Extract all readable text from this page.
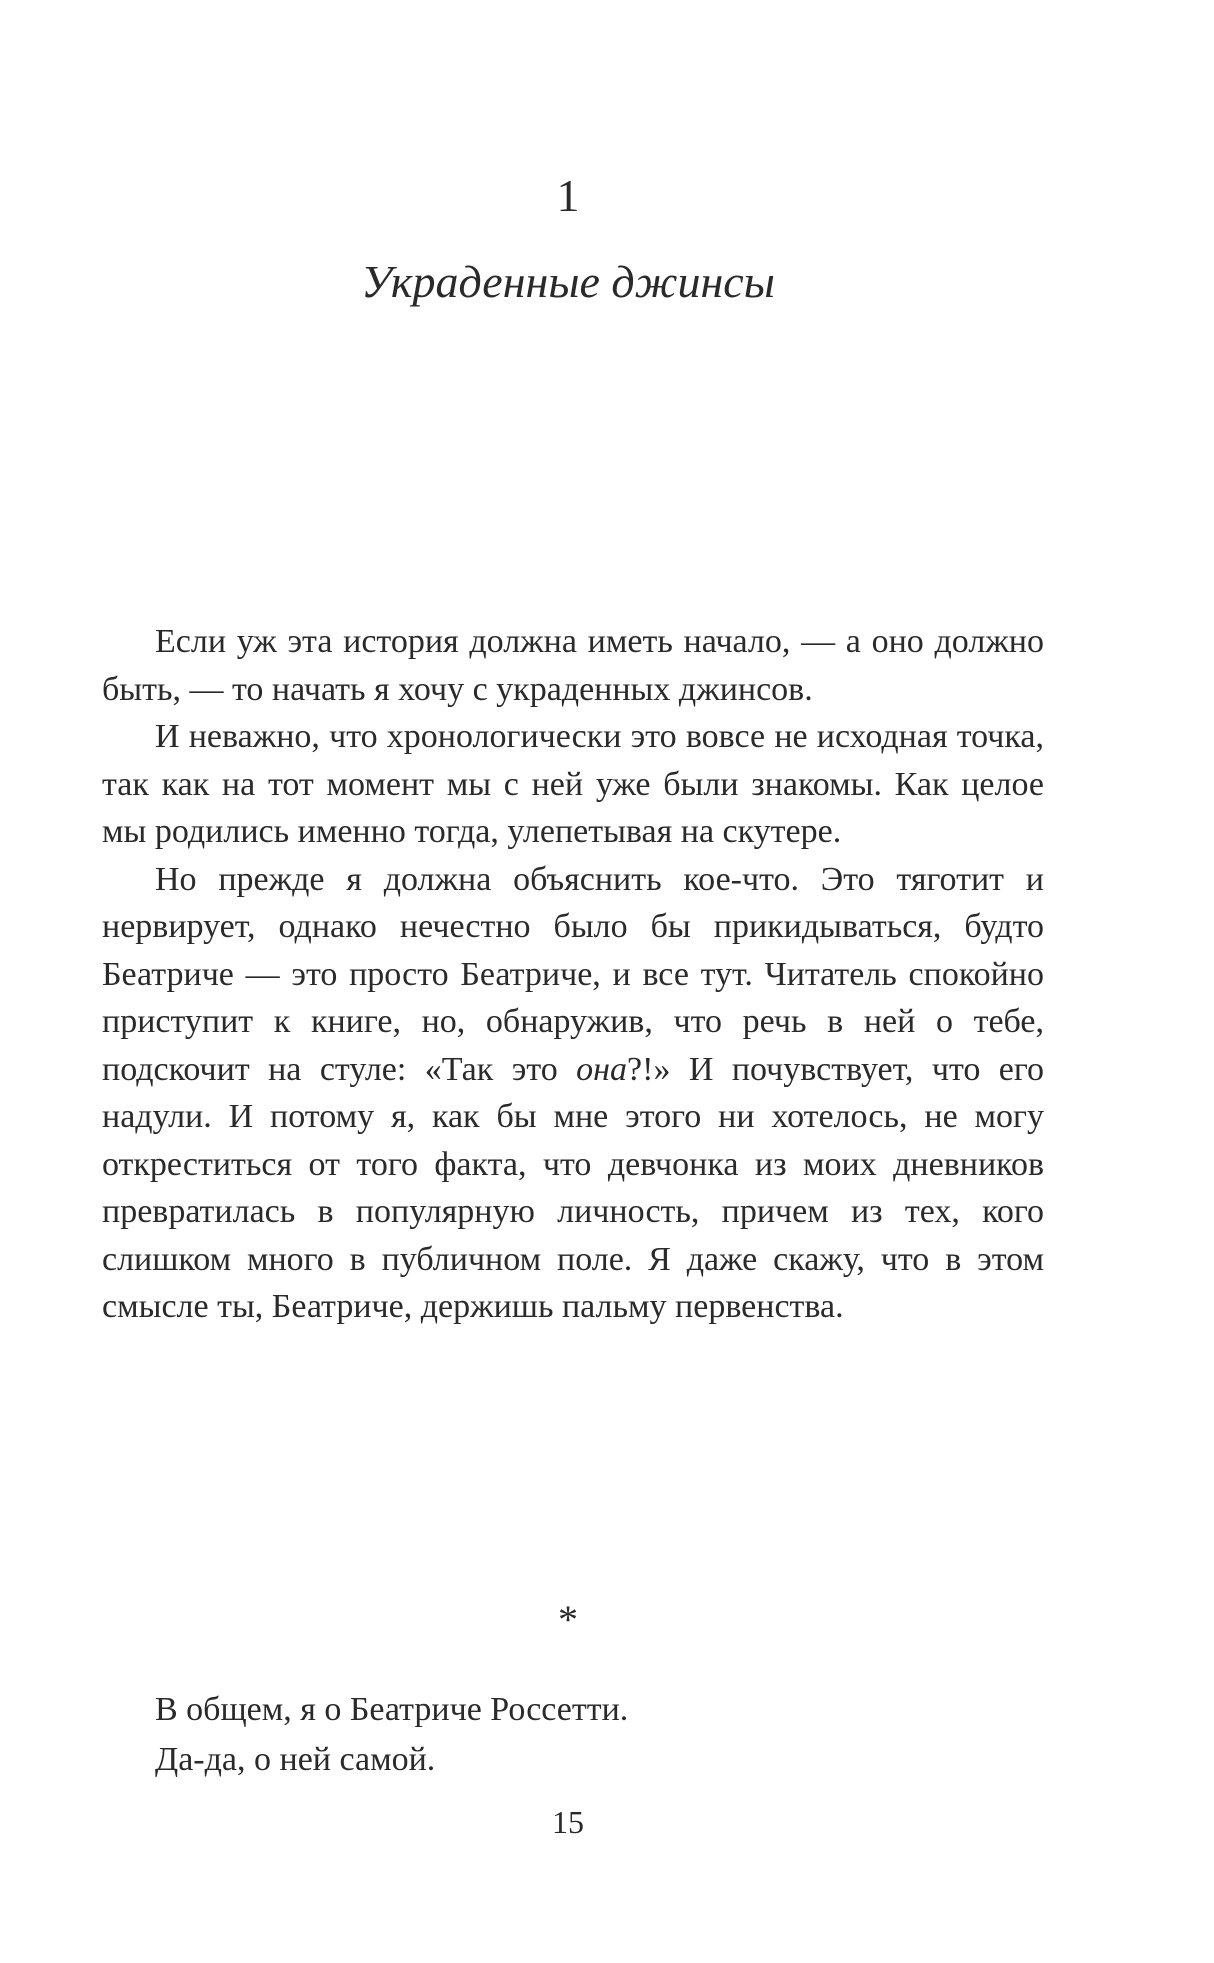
1
Украденные джинсы

Если уж эта история должна иметь начало, — а оно должно быть, — то начать я хочу с украденных джинсов.

И неважно, что хронологически это вовсе не исходная точка, так как на тот момент мы с ней уже были знакомы. Как целое мы родились именно тогда, улепетывая на скутере.

Но прежде я должна объяснить кое-что. Это тяготит и нервирует, однако нечестно было бы прикидываться, будто Беатриче — это просто Беатриче, и все тут. Читатель спокойно приступит к книге, но, обнаружив, что речь в ней о тебе, подскочит на стуле: «Так это она?!» И почувствует, что его надули. И потому я, как бы мне этого ни хотелось, не могу откреститься от того факта, что девчонка из моих дневников превратилась в популярную личность, причем из тех, кого слишком много в публичном поле. Я даже скажу, что в этом смысле ты, Беатриче, держишь пальму первенства.

*

В общем, я о Беатриче Россетти.

Да-да, о ней самой.

15
